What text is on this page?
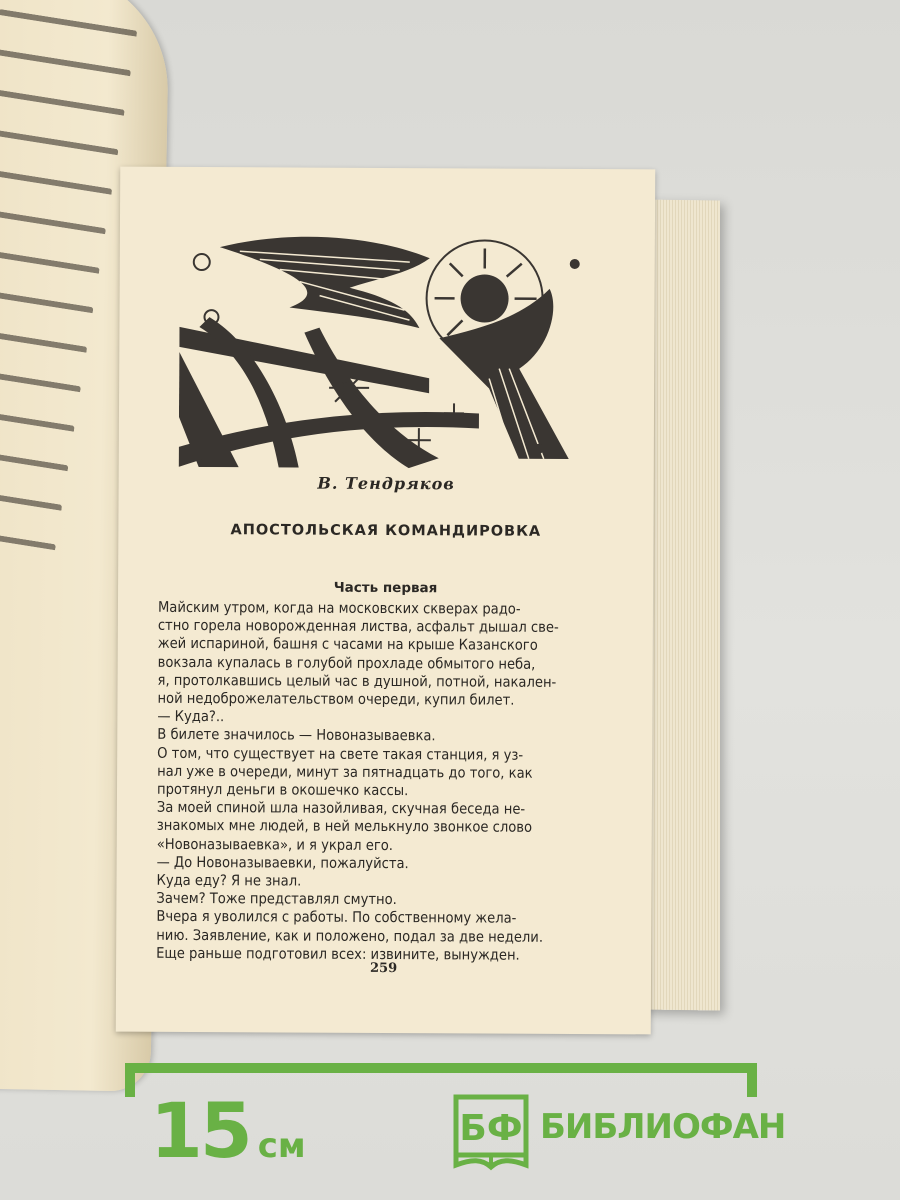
В. Тендряков
АПОСТОЛЬСКАЯ КОМАНДИРОВКА
Часть первая
Майским утром, когда на московских скверах радо-
стно горела новорожденная листва, асфальт дышал све-
жей испариной, башня с часами на крыше Казанского
вокзала купалась в голубой прохладе обмытого неба,
я, протолкавшись целый час в душной, потной, накален-
ной недоброжелательством очереди, купил билет.
— Куда?..
В билете значилось — Новоназываевка.
О том, что существует на свете такая станция, я уз-
нал уже в очереди, минут за пятнадцать до того, как
протянул деньги в окошечко кассы.
За моей спиной шла назойливая, скучная беседа не-
знакомых мне людей, в ней мелькнуло звонкое слово
«Новоназываевка», и я украл его.
— До Новоназываевки, пожалуйста.
Куда еду? Я не знал.
Зачем? Тоже представлял смутно.
Вчера я уволился с работы. По собственному жела-
нию. Заявление, как и положено, подал за две недели.
Еще раньше подготовил всех: извините, вынужден.
259
15 см	БФ БИБЛИОФАН
